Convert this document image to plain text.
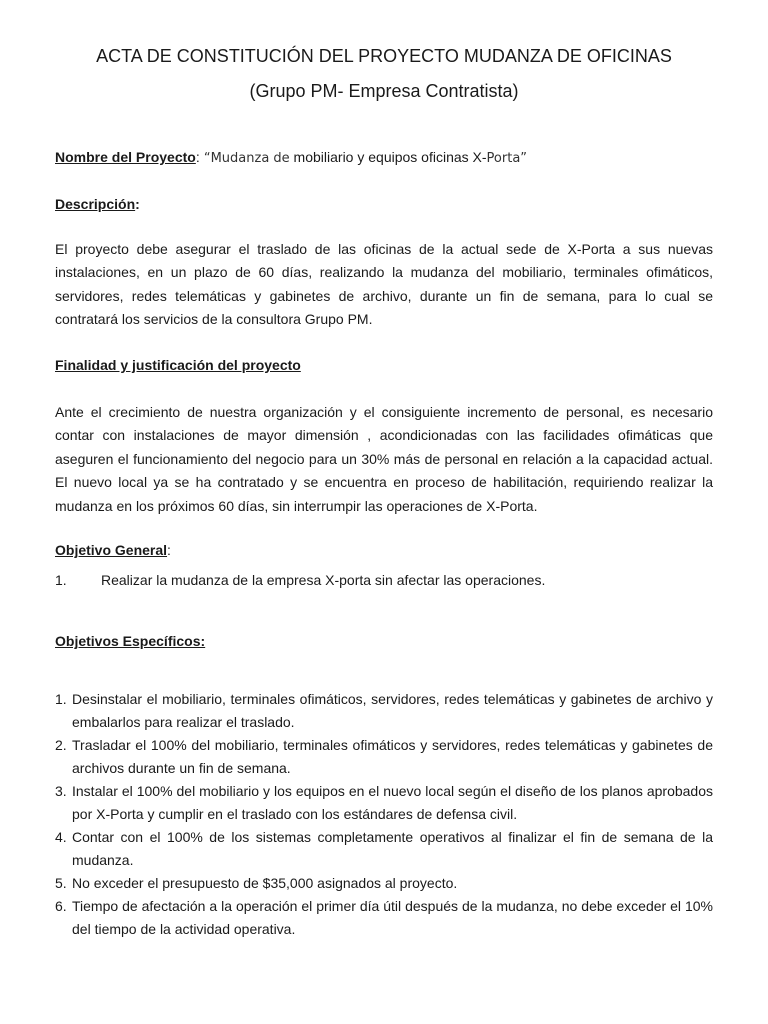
ACTA DE CONSTITUCIÓN DEL PROYECTO MUDANZA DE OFICINAS
(Grupo PM- Empresa Contratista)
Nombre del Proyecto: “Mudanza de mobiliario y equipos oficinas X-Porta”
Descripción:

El proyecto debe asegurar el traslado de las oficinas de la actual sede de X-Porta a sus nuevas instalaciones, en un plazo de 60 días, realizando la mudanza del mobiliario, terminales ofimáticos, servidores, redes telemáticas y gabinetes de archivo, durante un fin de semana, para lo cual se contratará los servicios de la consultora Grupo PM.

Finalidad y justificación del proyecto

Ante el crecimiento de nuestra organización y el consiguiente incremento de personal, es necesario contar con instalaciones de mayor dimensión , acondicionadas con las facilidades ofimáticas que aseguren el funcionamiento del negocio para un 30% más de personal en relación a la capacidad actual. El nuevo local ya se ha contratado y se encuentra en proceso de habilitación, requiriendo realizar la mudanza en los próximos 60 días, sin interrumpir las operaciones de X-Porta.

Objetivo General:
1. Realizar la mudanza de la empresa X-porta sin afectar las operaciones.
Objetivos Específicos:
1. Desinstalar el mobiliario, terminales ofimáticos, servidores, redes telemáticas y gabinetes de archivo y embalarlos para realizar el traslado.
2. Trasladar el 100% del mobiliario, terminales ofimáticos y servidores, redes telemáticas y gabinetes de archivos durante un fin de semana.
3. Instalar el 100% del mobiliario y los equipos en el nuevo local según el diseño de los planos aprobados por X-Porta y cumplir en el traslado con los estándares de defensa civil.
4. Contar con el 100% de los sistemas completamente operativos al finalizar el fin de semana de la mudanza.
5. No exceder el presupuesto de $35,000 asignados al proyecto.
6. Tiempo de afectación a la operación el primer día útil después de la mudanza, no debe exceder el 10% del tiempo de la actividad operativa.
